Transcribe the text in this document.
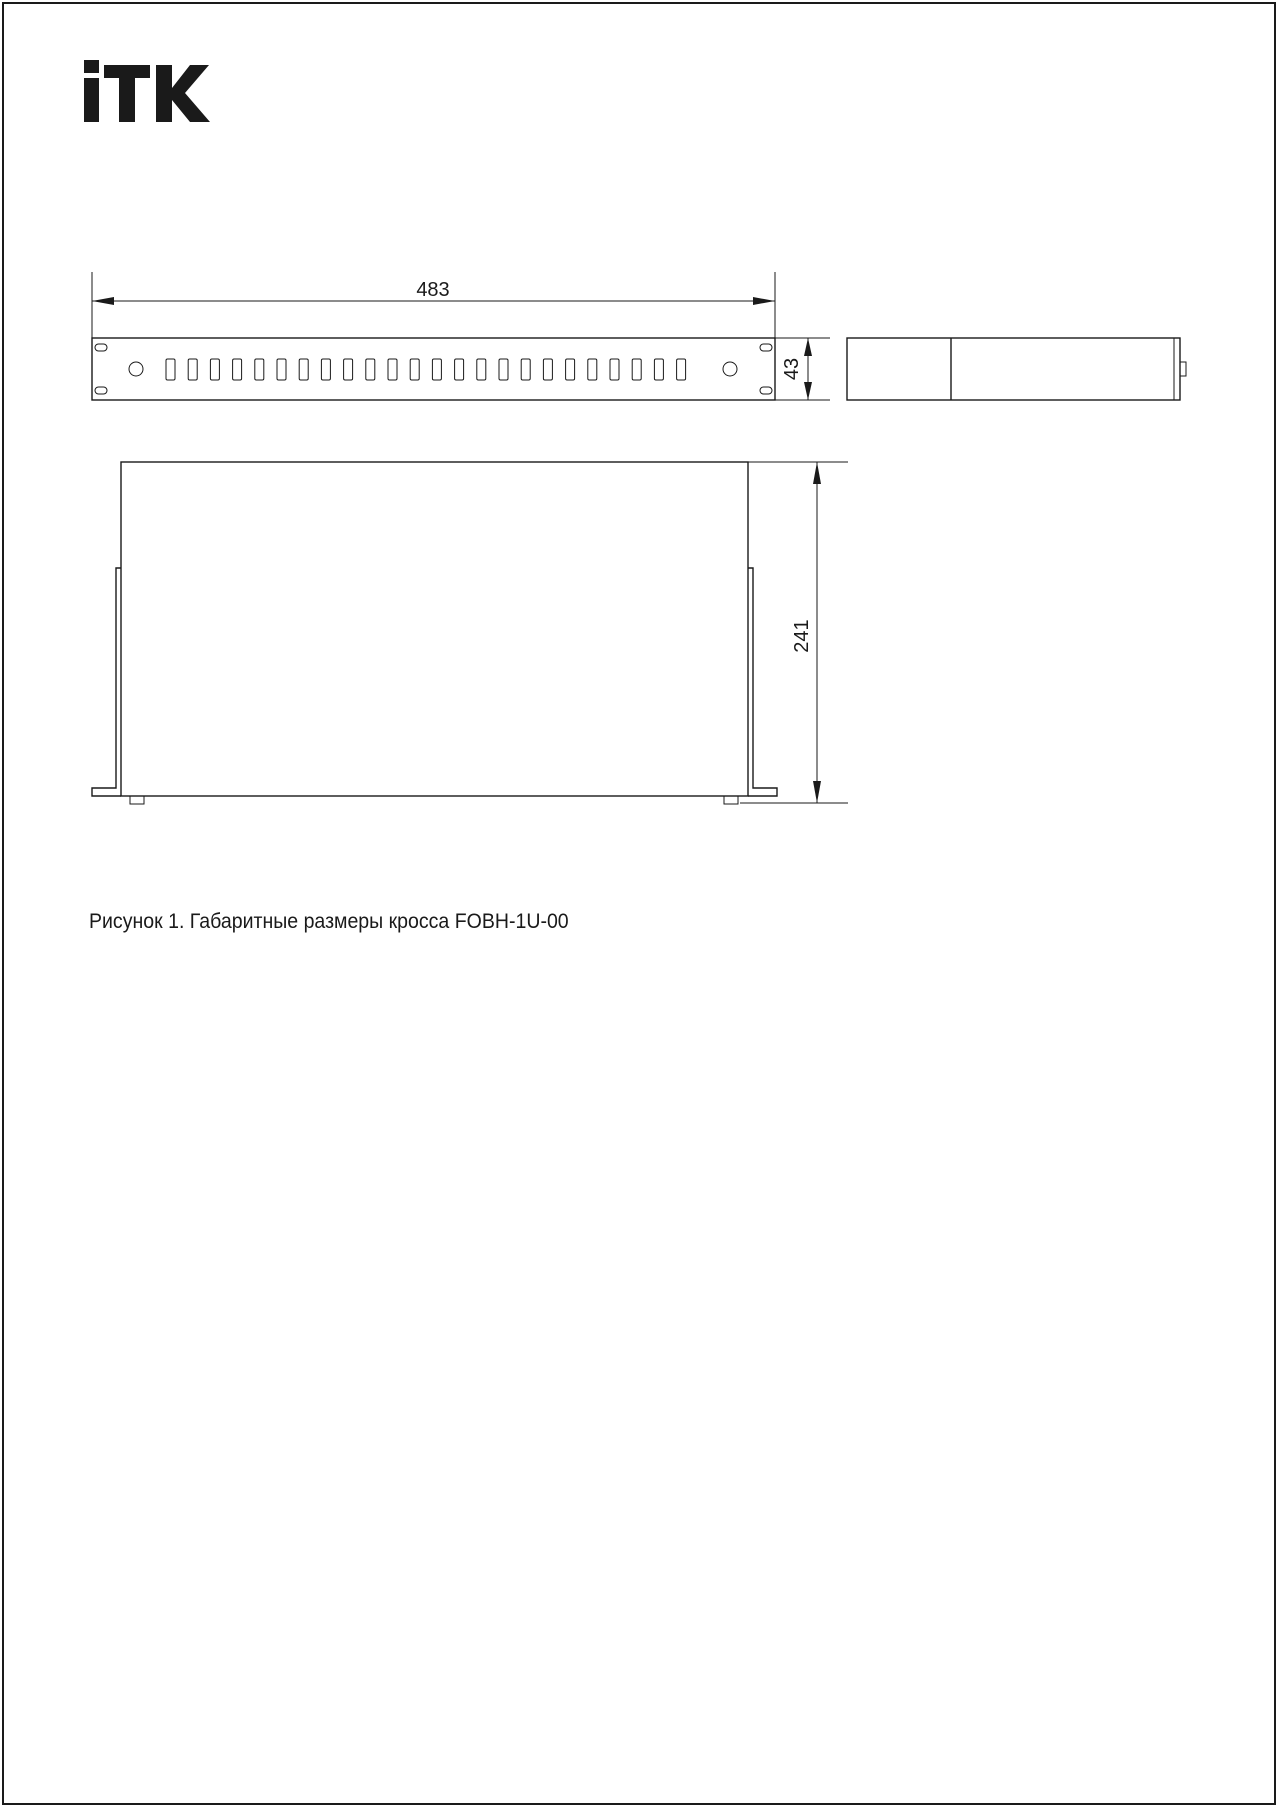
483
43
241
Рисунок 1. Габаритные размеры кросса FOBH-1U-00
